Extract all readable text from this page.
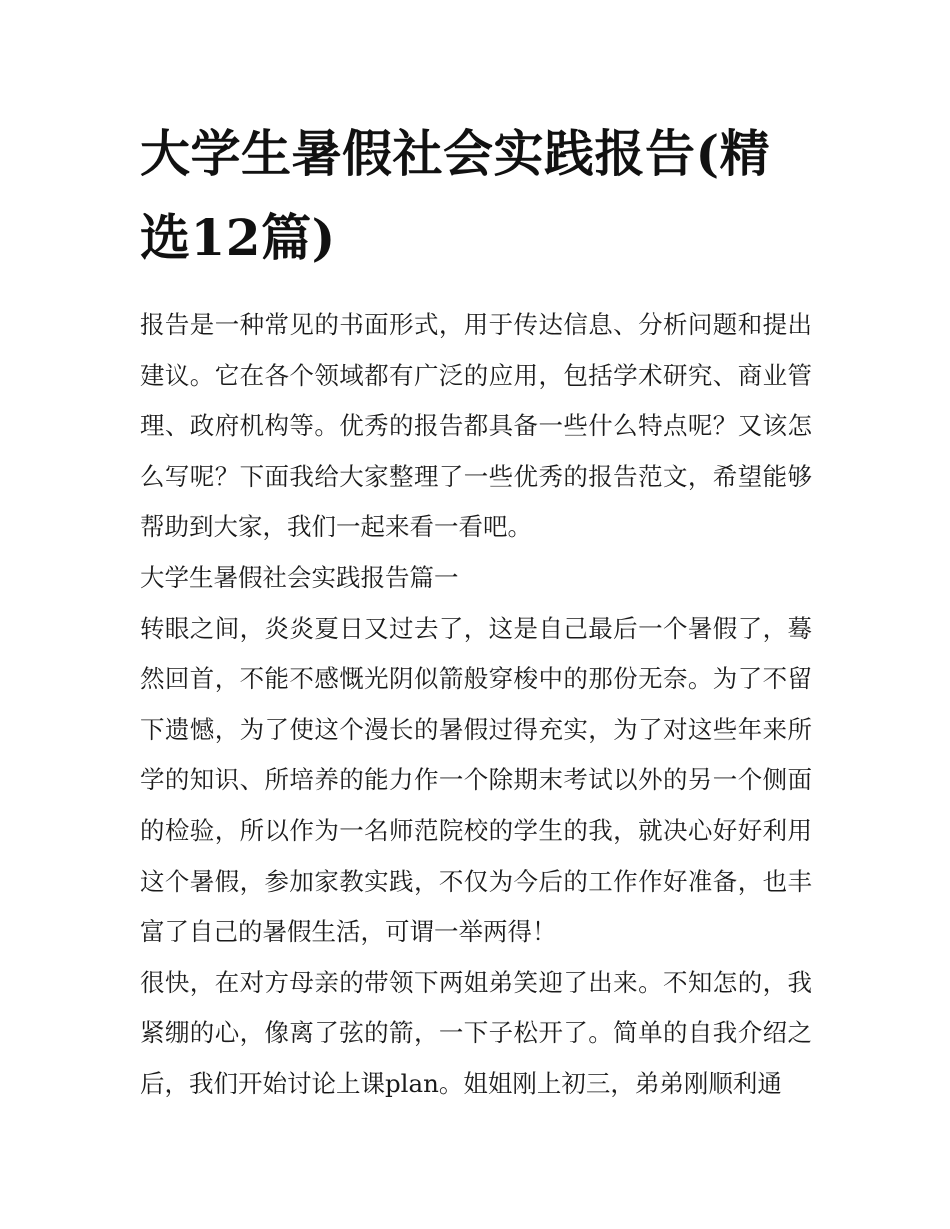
大学生暑假社会实践报告(精选12篇)

报告是一种常见的书面形式，用于传达信息、分析问题和提出建议。它在各个领域都有广泛的应用，包括学术研究、商业管理、政府机构等。优秀的报告都具备一些什么特点呢？又该怎么写呢？下面我给大家整理了一些优秀的报告范文，希望能够帮助到大家，我们一起来看一看吧。

大学生暑假社会实践报告篇一

转眼之间，炎炎夏日又过去了，这是自己最后一个暑假了，蓦然回首，不能不感慨光阴似箭般穿梭中的那份无奈。为了不留下遗憾，为了使这个漫长的暑假过得充实，为了对这些年来所学的知识、所培养的能力作一个除期末考试以外的另一个侧面的检验，所以作为一名师范院校的学生的我，就决心好好利用这个暑假，参加家教实践，不仅为今后的工作作好准备，也丰富了自己的暑假生活，可谓一举两得！

很快，在对方母亲的带领下两姐弟笑迎了出来。不知怎的，我紧绷的心，像离了弦的箭，一下子松开了。简单的自我介绍之后，我们开始讨论上课plan。姐姐刚上初三，弟弟刚顺利通
